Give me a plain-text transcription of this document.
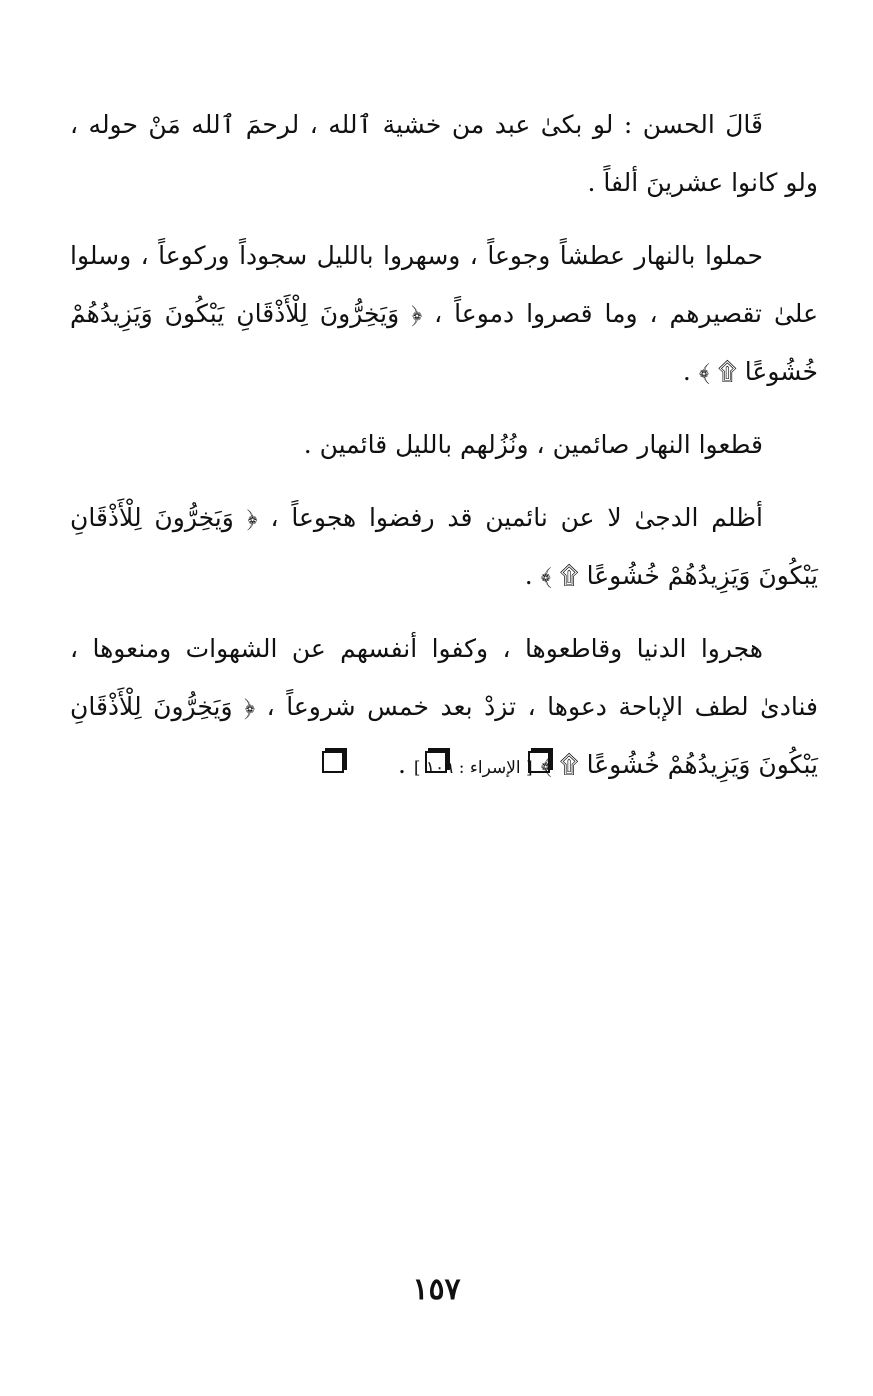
قَالَ الحسن : لو بكىٰ عبد من خشية ٱلله ، لرحمَ ٱلله مَنْ حوله ، ولو كانوا عشرينَ ألفاً .

حملوا بالنهار عطشاً وجوعاً ، وسهروا بالليل سجوداً وركوعاً ، وسلوا علىٰ تقصيرهم ، وما قصروا دموعاً ، ﴿ وَيَخِرُّونَ لِلْأَذْقَانِ يَبْكُونَ وَيَزِيدُهُمْ خُشُوعًا ۩ ﴾ .

قطعوا النهار صائمين ، ونُزُلهم بالليل قائمين .

أظلم الدجىٰ لا عن نائمين قد رفضوا هجوعاً ، ﴿ وَيَخِرُّونَ لِلْأَذْقَانِ يَبْكُونَ وَيَزِيدُهُمْ خُشُوعًا ۩ ﴾ .

هجروا الدنيا وقاطعوها ، وكفوا أنفسهم عن الشهوات ومنعوها ، فنادىٰ لطف الإباحة دعوها ، تزدْ بعد خمس شروعاً ، ﴿ وَيَخِرُّونَ لِلْأَذْقَانِ يَبْكُونَ وَيَزِيدُهُمْ خُشُوعًا ۩ ﴾ [ الإسراء : ١٠٩ ] .

١٥٧
